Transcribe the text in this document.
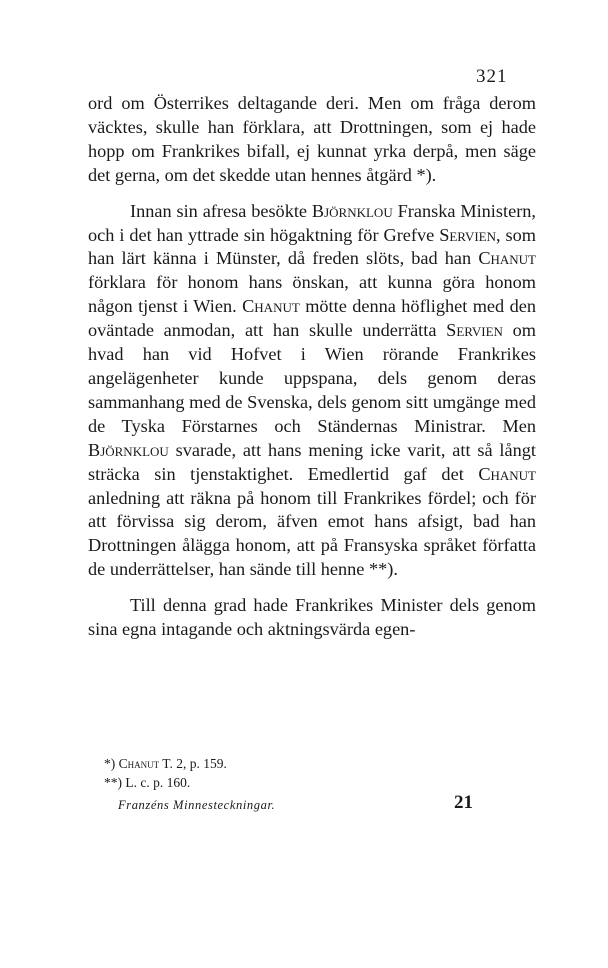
321

ord om Österrikes deltagande deri. Men om fråga derom väcktes, skulle han förklara, att Drottningen, som ej hade hopp om Frankrikes bifall, ej kunnat yrka derpå, men säge det gerna, om det skedde utan hennes åtgärd *).

Innan sin afresa besökte Björnklou Franska Ministern, och i det han yttrade sin högaktning för Grefve Servien, som han lärt känna i Münster, då freden slöts, bad han Chanut förklara för honom hans önskan, att kunna göra honom någon tjenst i Wien. Chanut mötte denna höflighet med den oväntade anmodan, att han skulle underrätta Servien om hvad han vid Hofvet i Wien rörande Frankrikes angelägenheter kunde uppspana, dels genom deras sammanhang med de Svenska, dels genom sitt umgänge med de Tyska Förstarnes och Ständernas Ministrar. Men Björnklou svarade, att hans mening icke varit, att så långt sträcka sin tjenstaktighet. Emedlertid gaf det Chanut anledning att räkna på honom till Frankrikes fördel; och för att förvissa sig derom, äfven emot hans afsigt, bad han Drottningen ålägga honom, att på Fransyska språket författa de underrättelser, han sände till henne **).

Till denna grad hade Frankrikes Minister dels genom sina egna intagande och aktningsvärda egen-

*) Chanut T. 2, p. 159.

**) L. c. p. 160.

Franzéns Minnesteckningar.	21
